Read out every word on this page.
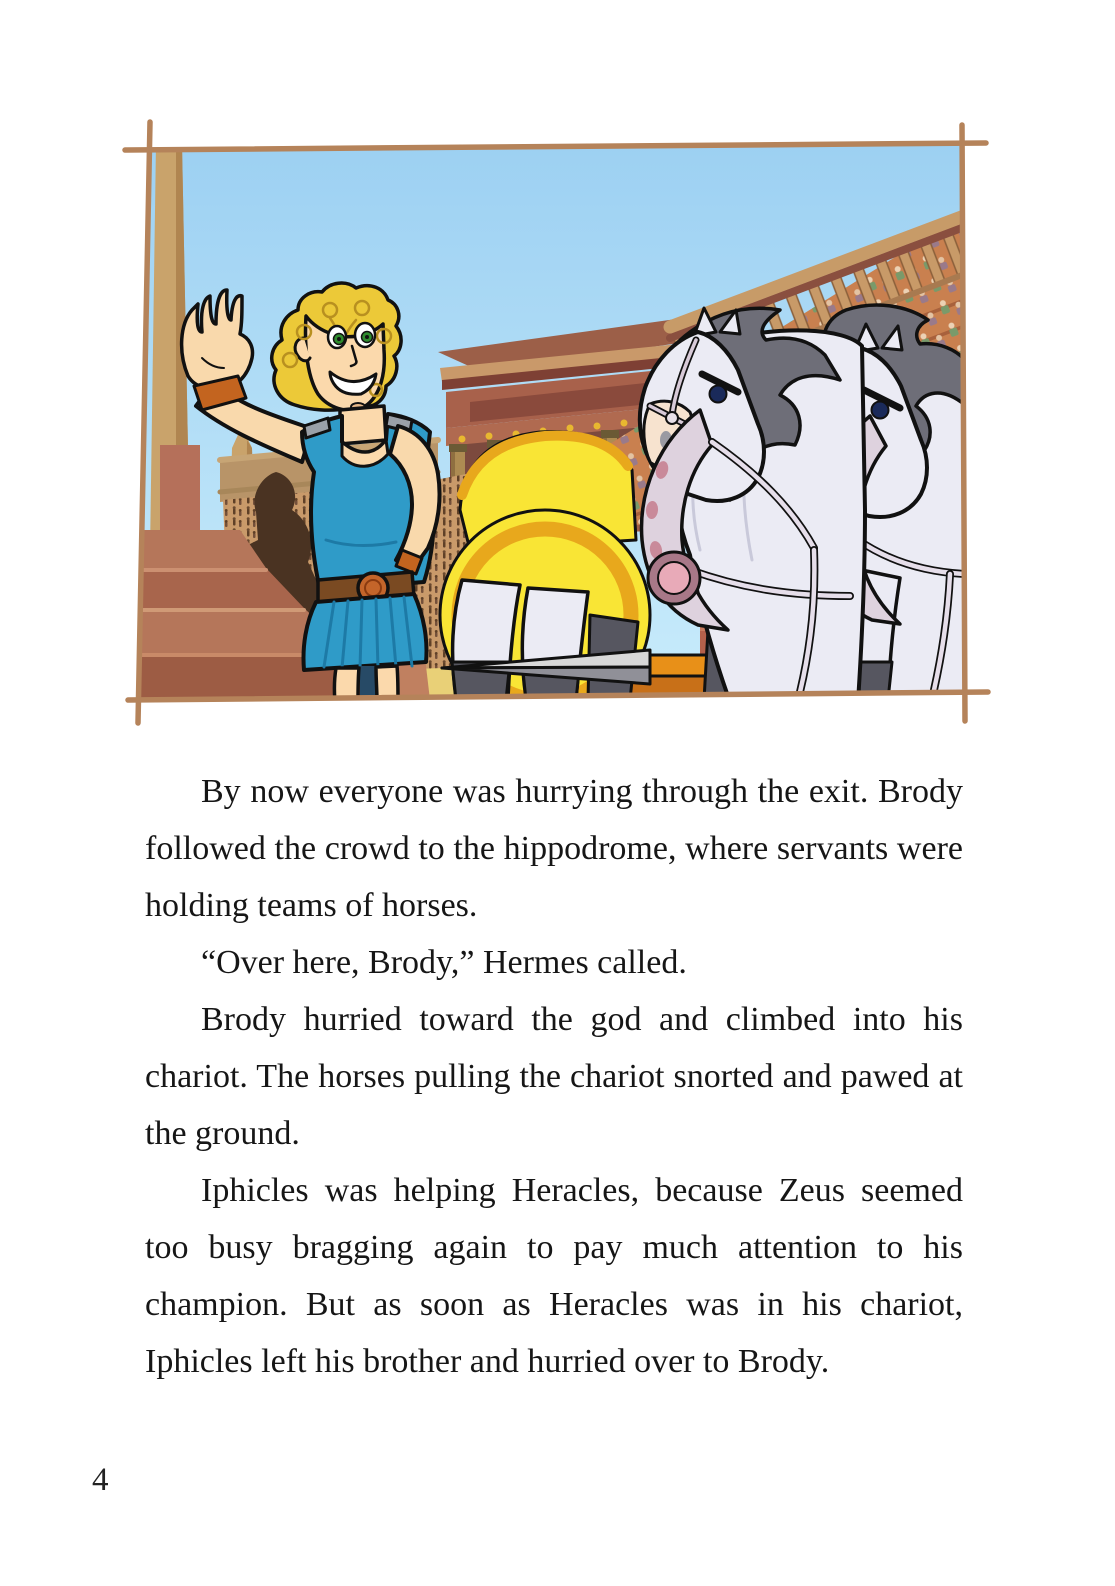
By now everyone was hurrying through the exit. Brody followed the crowd to the hippodrome, where servants were holding teams of horses.

“Over here, Brody,” Hermes called.

Brody hurried toward the god and climbed into his chariot. The horses pulling the chariot snorted and pawed at the ground.

Iphicles was helping Heracles, because Zeus seemed too busy bragging again to pay much attention to his champion. But as soon as Heracles was in his chariot, Iphicles left his brother and hurried over to Brody.

4
